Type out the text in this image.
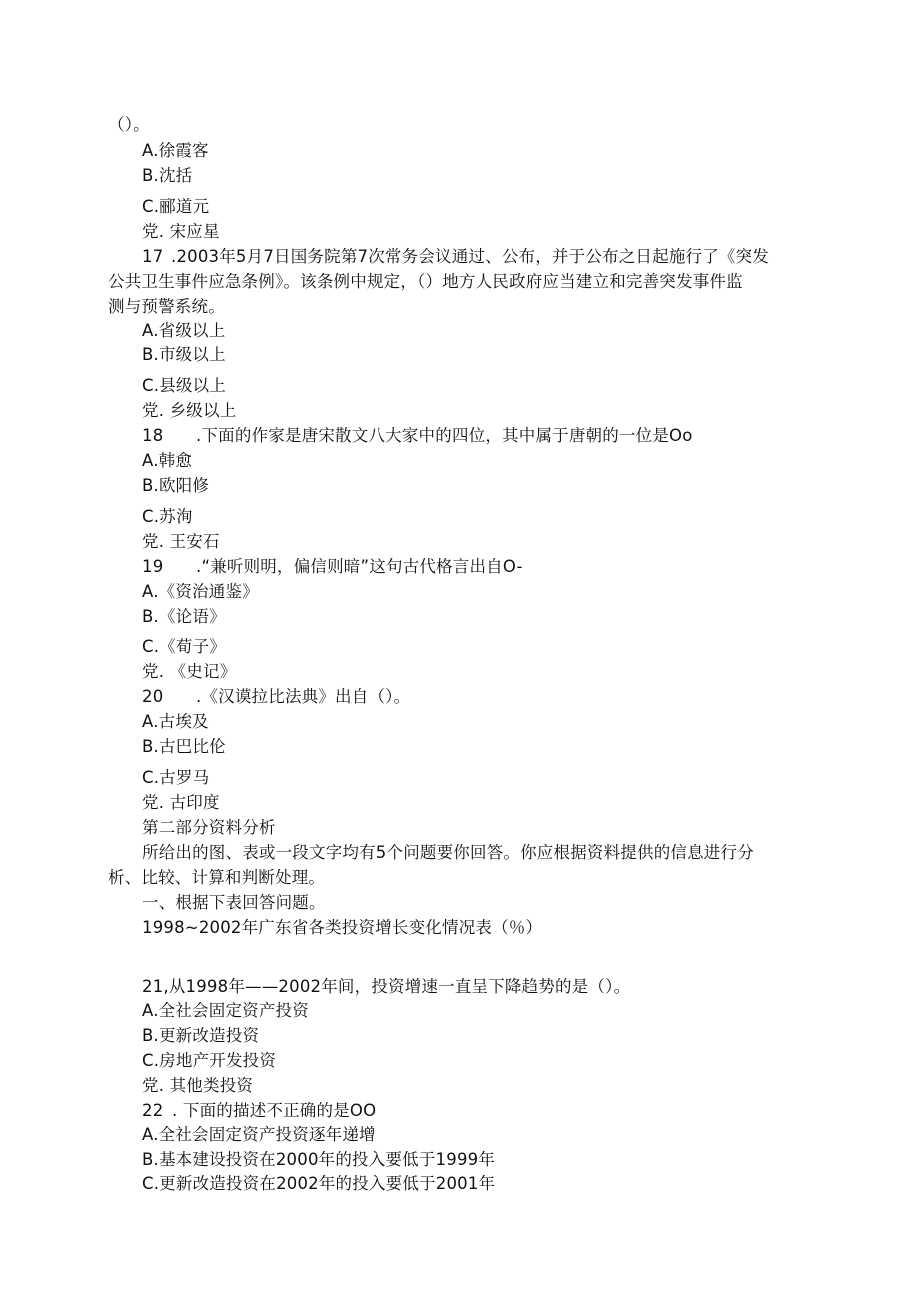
（）。
A.徐霞客
B.沈括
C.郦道元
党. 宋应星
17 .2003年5月7日国务院第7次常务会议通过、公布，并于公布之日起施行了《突发
公共卫生事件应急条例》。该条例中规定，（）地方人民政府应当建立和完善突发事件监
测与预警系统。
A.省级以上
B.市级以上
C.县级以上
党. 乡级以上
18 .下面的作家是唐宋散文八大家中的四位，其中属于唐朝的一位是Oo
A.韩愈
B.欧阳修
C.苏洵
党. 王安石
19 .“兼听则明，偏信则暗”这句古代格言出自O-
A.《资治通鉴》
B.《论语》
C.《荀子》
党. 《史记》
20 .《汉谟拉比法典》出自（）。
A.古埃及
B.古巴比伦
C.古罗马
党. 古印度
第二部分资料分析
所给出的图、表或一段文字均有5个问题要你回答。你应根据资料提供的信息进行分
析、比较、计算和判断处理。
一、根据下表回答问题。
1998~2002年广东省各类投资增长变化情况表（％）
21,从1998年——2002年间，投资增速一直呈下降趋势的是（）。
A.全社会固定资产投资
B.更新改造投资
C.房地产开发投资
党. 其他类投资
22 . 下面的描述不正确的是OO
A.全社会固定资产投资逐年递增
B.基本建设投资在2000年的投入要低于1999年
C.更新改造投资在2002年的投入要低于2001年
